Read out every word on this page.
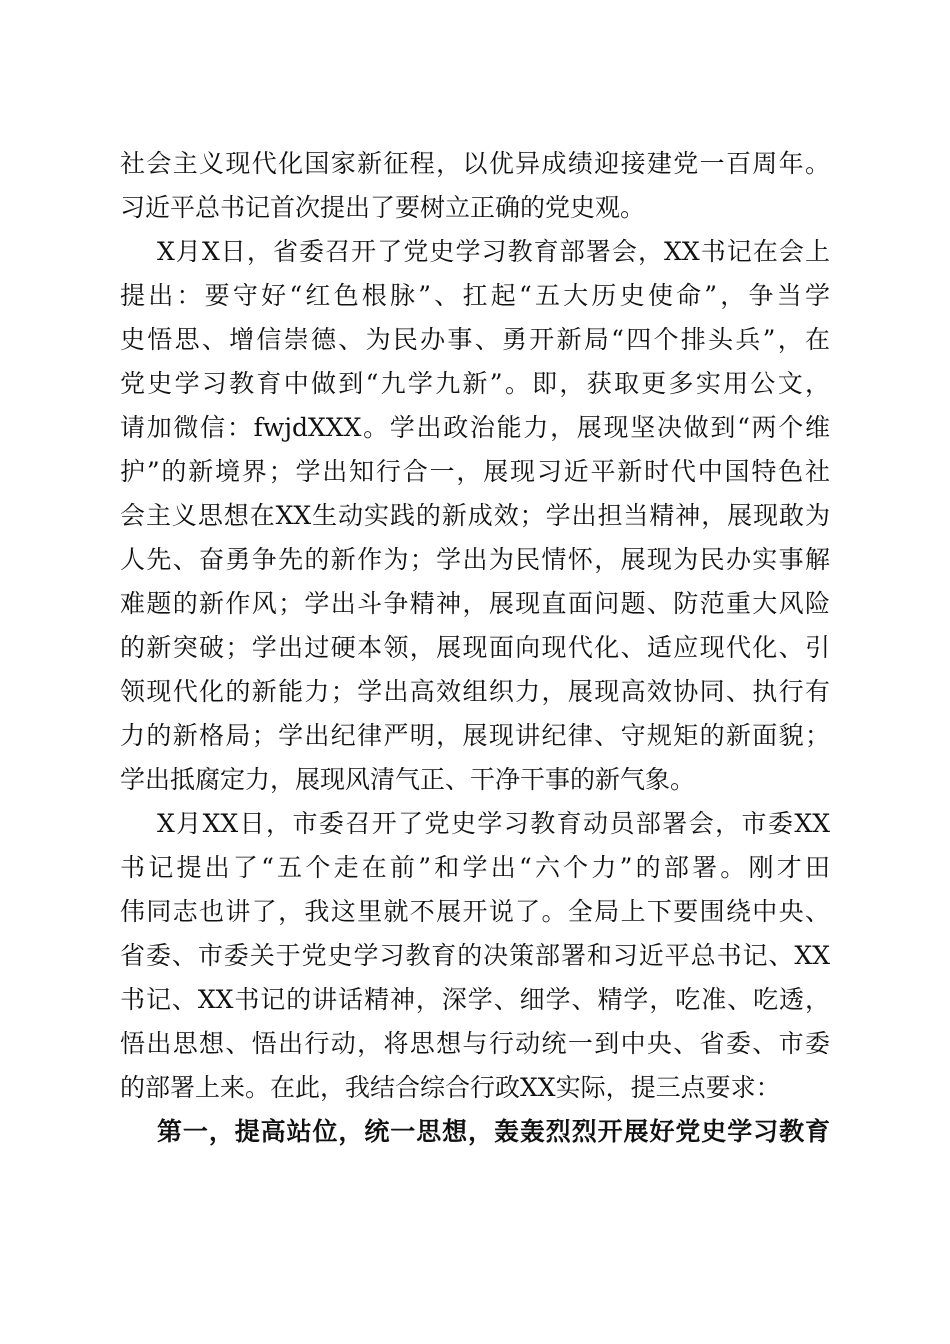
社会主义现代化国家新征程，以优异成绩迎接建党一百周年。
习近平总书记首次提出了要树立正确的党史观。
X月X日，省委召开了党史学习教育部署会，XX书记在会上
提出：要守好“红色根脉”、扛起“五大历史使命”，争当学
史悟思、增信崇德、为民办事、勇开新局“四个排头兵”，在
党史学习教育中做到“九学九新”。即，获取更多实用公文，
请加微信：fwjdXXX。学出政治能力，展现坚决做到“两个维
护”的新境界；学出知行合一，展现习近平新时代中国特色社
会主义思想在XX生动实践的新成效；学出担当精神，展现敢为
人先、奋勇争先的新作为；学出为民情怀，展现为民办实事解
难题的新作风；学出斗争精神，展现直面问题、防范重大风险
的新突破；学出过硬本领，展现面向现代化、适应现代化、引
领现代化的新能力；学出高效组织力，展现高效协同、执行有
力的新格局；学出纪律严明，展现讲纪律、守规矩的新面貌；
学出抵腐定力，展现风清气正、干净干事的新气象。
X月XX日，市委召开了党史学习教育动员部署会，市委XX
书记提出了“五个走在前”和学出“六个力”的部署。刚才田
伟同志也讲了，我这里就不展开说了。全局上下要围绕中央、
省委、市委关于党史学习教育的决策部署和习近平总书记、XX
书记、XX书记的讲话精神，深学、细学、精学，吃准、吃透，
悟出思想、悟出行动，将思想与行动统一到中央、省委、市委
的部署上来。在此，我结合综合行政XX实际，提三点要求：
第一，提高站位，统一思想，轰轰烈烈开展好党史学习教育
